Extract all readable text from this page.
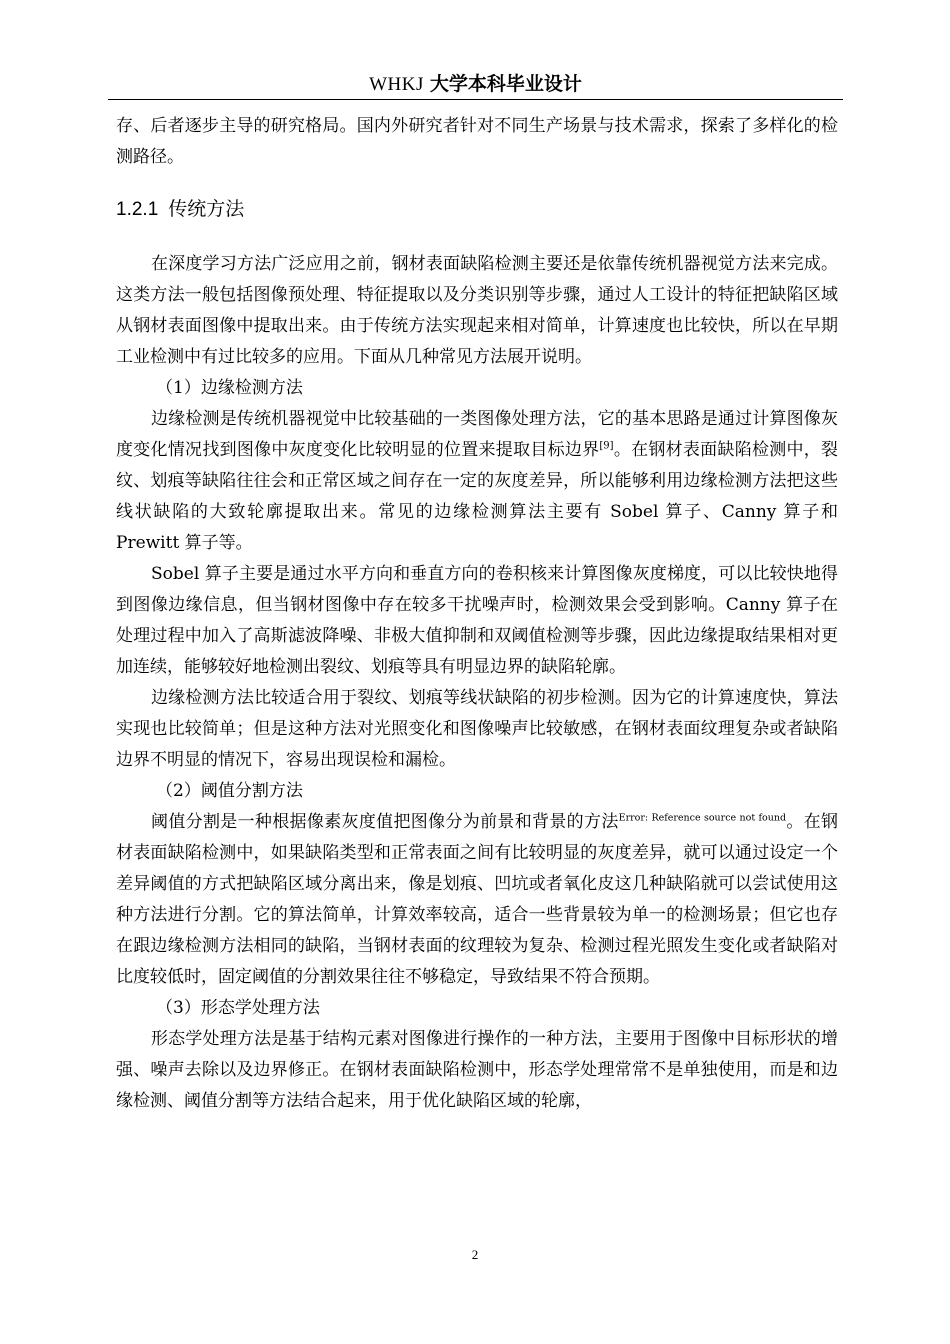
WHKJ 大学本科毕业设计

存、后者逐步主导的研究格局。国内外研究者针对不同生产场景与技术需求，探索了多样化的检测路径。

1.2.1 传统方法

在深度学习方法广泛应用之前，钢材表面缺陷检测主要还是依靠传统机器视觉方法来完成。这类方法一般包括图像预处理、特征提取以及分类识别等步骤，通过人工设计的特征把缺陷区域从钢材表面图像中提取出来。由于传统方法实现起来相对简单，计算速度也比较快，所以在早期工业检测中有过比较多的应用。下面从几种常见方法展开说明。

（1）边缘检测方法

边缘检测是传统机器视觉中比较基础的一类图像处理方法，它的基本思路是通过计算图像灰度变化情况找到图像中灰度变化比较明显的位置来提取目标边界[9]。在钢材表面缺陷检测中，裂纹、划痕等缺陷往往会和正常区域之间存在一定的灰度差异，所以能够利用边缘检测方法把这些线状缺陷的大致轮廓提取出来。常见的边缘检测算法主要有 Sobel 算子、Canny 算子和 Prewitt 算子等。

Sobel 算子主要是通过水平方向和垂直方向的卷积核来计算图像灰度梯度，可以比较快地得到图像边缘信息，但当钢材图像中存在较多干扰噪声时，检测效果会受到影响。Canny 算子在处理过程中加入了高斯滤波降噪、非极大值抑制和双阈值检测等步骤，因此边缘提取结果相对更加连续，能够较好地检测出裂纹、划痕等具有明显边界的缺陷轮廓。

边缘检测方法比较适合用于裂纹、划痕等线状缺陷的初步检测。因为它的计算速度快，算法实现也比较简单；但是这种方法对光照变化和图像噪声比较敏感，在钢材表面纹理复杂或者缺陷边界不明显的情况下，容易出现误检和漏检。

（2）阈值分割方法

阈值分割是一种根据像素灰度值把图像分为前景和背景的方法$^{Error: Reference source not found}$。在钢材表面缺陷检测中，如果缺陷类型和正常表面之间有比较明显的灰度差异，就可以通过设定一个差异阈值的方式把缺陷区域分离出来，像是划痕、凹坑或者氧化皮这几种缺陷就可以尝试使用这种方法进行分割。它的算法简单，计算效率较高，适合一些背景较为单一的检测场景；但它也存在跟边缘检测方法相同的缺陷，当钢材表面的纹理较为复杂、检测过程光照发生变化或者缺陷对比度较低时，固定阈值的分割效果往往不够稳定，导致结果不符合预期。

（3）形态学处理方法

形态学处理方法是基于结构元素对图像进行操作的一种方法，主要用于图像中目标形状的增强、噪声去除以及边界修正。在钢材表面缺陷检测中，形态学处理常常不是单独使用，而是和边缘检测、阈值分割等方法结合起来，用于优化缺陷区域的轮廓，

2
